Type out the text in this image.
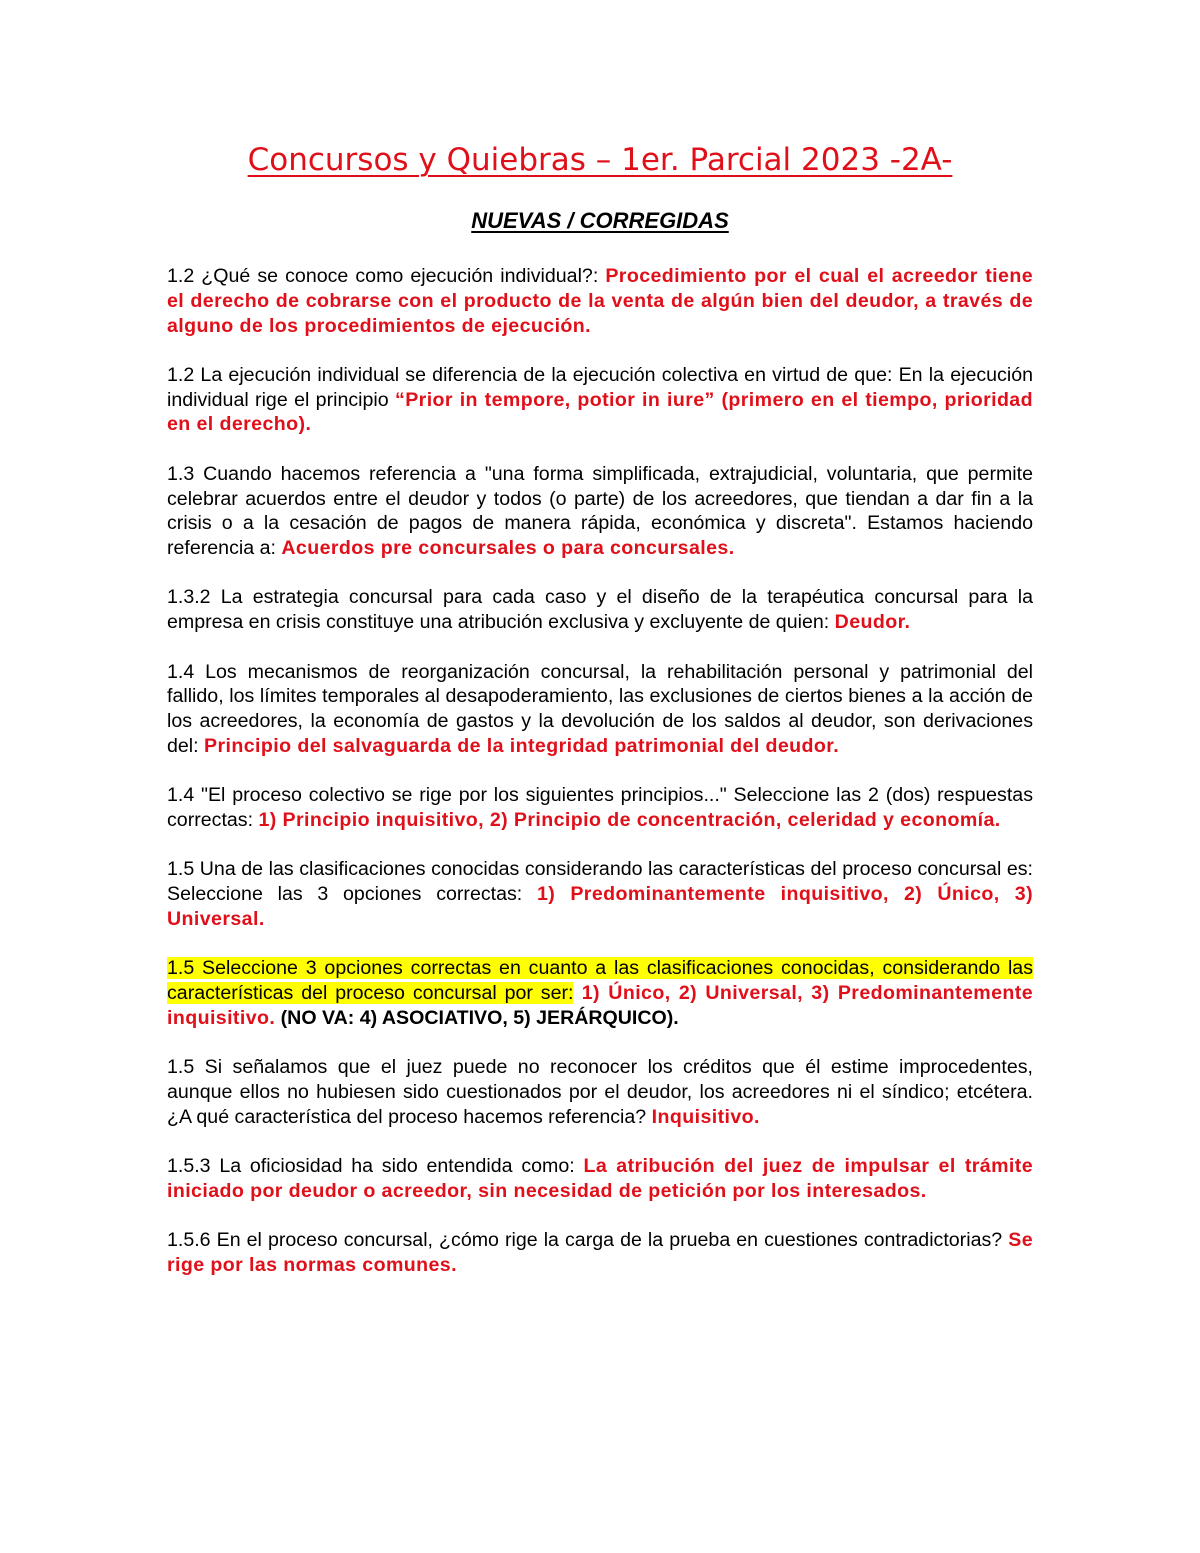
Concursos y Quiebras – 1er. Parcial 2023 -2A-
NUEVAS / CORREGIDAS

1.2 ¿Qué se conoce como ejecución individual?: Procedimiento por el cual el acreedor tiene el derecho de cobrarse con el producto de la venta de algún bien del deudor, a través de alguno de los procedimientos de ejecución.

1.2 La ejecución individual se diferencia de la ejecución colectiva en virtud de que: En la ejecución individual rige el principio “Prior in tempore, potior in iure” (primero en el tiempo, prioridad en el derecho).

1.3 Cuando hacemos referencia a "una forma simplificada, extrajudicial, voluntaria, que permite celebrar acuerdos entre el deudor y todos (o parte) de los acreedores, que tiendan a dar fin a la crisis o a la cesación de pagos de manera rápida, económica y discreta". Estamos haciendo referencia a: Acuerdos pre concursales o para concursales.

1.3.2 La estrategia concursal para cada caso y el diseño de la terapéutica concursal para la empresa en crisis constituye una atribución exclusiva y excluyente de quien: Deudor.

1.4 Los mecanismos de reorganización concursal, la rehabilitación personal y patrimonial del fallido, los límites temporales al desapoderamiento, las exclusiones de ciertos bienes a la acción de los acreedores, la economía de gastos y la devolución de los saldos al deudor, son derivaciones del: Principio del salvaguarda de la integridad patrimonial del deudor.

1.4 "El proceso colectivo se rige por los siguientes principios..." Seleccione las 2 (dos) respuestas correctas: 1) Principio inquisitivo, 2) Principio de concentración, celeridad y economía.

1.5 Una de las clasificaciones conocidas considerando las características del proceso concursal es: Seleccione las 3 opciones correctas: 1) Predominantemente inquisitivo, 2) Único, 3) Universal.

1.5 Seleccione 3 opciones correctas en cuanto a las clasificaciones conocidas, considerando las características del proceso concursal por ser: 1) Único, 2) Universal, 3) Predominantemente inquisitivo. (NO VA: 4) ASOCIATIVO, 5) JERÁRQUICO).

1.5 Si señalamos que el juez puede no reconocer los créditos que él estime improcedentes, aunque ellos no hubiesen sido cuestionados por el deudor, los acreedores ni el síndico; etcétera. ¿A qué característica del proceso hacemos referencia? Inquisitivo.

1.5.3 La oficiosidad ha sido entendida como: La atribución del juez de impulsar el trámite iniciado por deudor o acreedor, sin necesidad de petición por los interesados.

1.5.6 En el proceso concursal, ¿cómo rige la carga de la prueba en cuestiones contradictorias? Se rige por las normas comunes.
